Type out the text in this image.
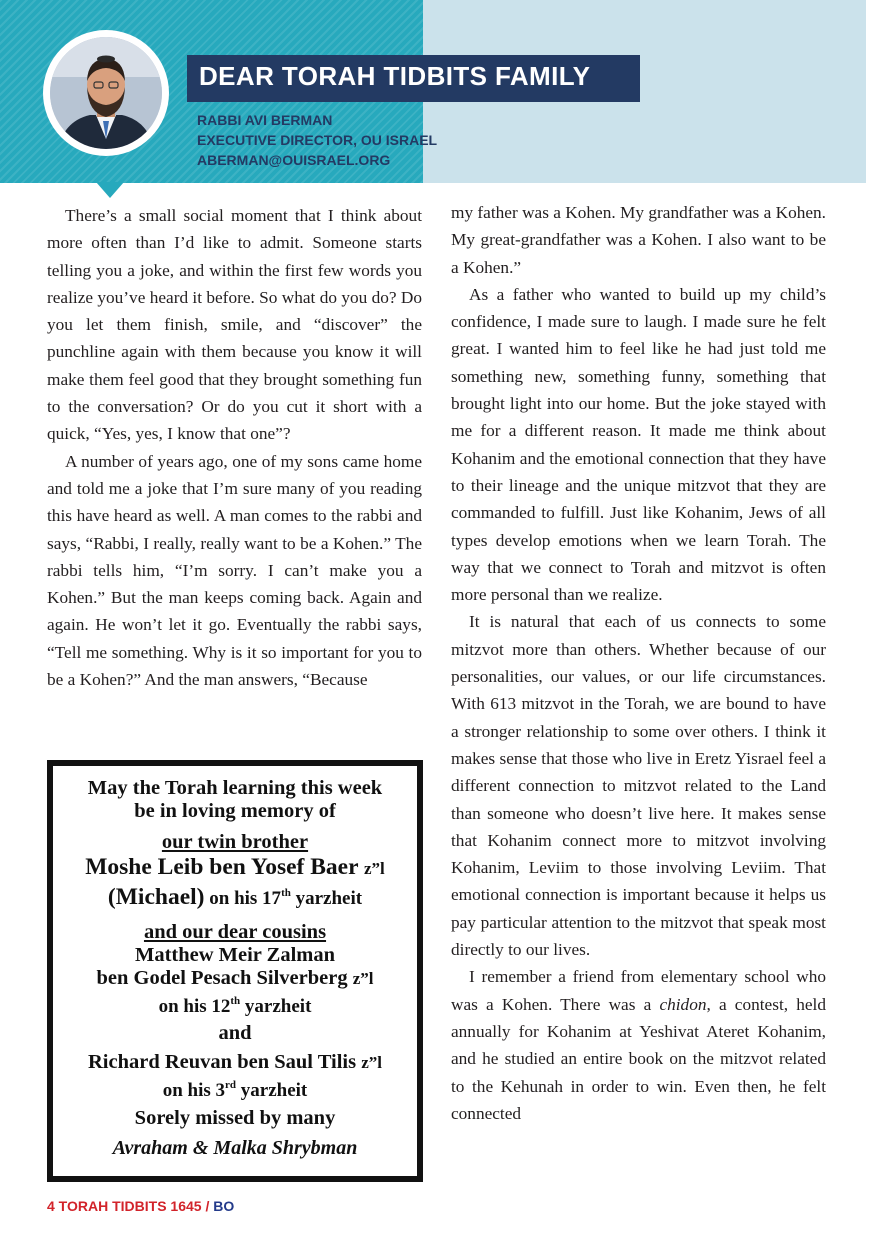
DEAR TORAH TIDBITS FAMILY
RABBI AVI BERMAN
EXECUTIVE DIRECTOR, OU ISRAEL
ABERMAN@OUISRAEL.ORG

There’s a small social moment that I think about more often than I’d like to admit. Someone starts telling you a joke, and within the first few words you realize you’ve heard it before. So what do you do? Do you let them finish, smile, and “discover” the punchline again with them because you know it will make them feel good that they brought something fun to the conversation? Or do you cut it short with a quick, “Yes, yes, I know that one”?

A number of years ago, one of my sons came home and told me a joke that I’m sure many of you reading this have heard as well. A man comes to the rabbi and says, “Rabbi, I really, really want to be a Kohen.” The rabbi tells him, “I’m sorry. I can’t make you a Kohen.” But the man keeps coming back. Again and again. He won’t let it go. Eventually the rabbi says, “Tell me something. Why is it so important for you to be a Kohen?” And the man answers, “Because

May the Torah learning this week
be in loving memory of
our twin brother
Moshe Leib ben Yosef Baer z”l
(Michael) on his 17th yarzheit
and our dear cousins
Matthew Meir Zalman
ben Godel Pesach Silverberg z”l
on his 12th yarzheit
and
Richard Reuvan ben Saul Tilis z”l
on his 3rd yarzheit
Sorely missed by many
Avraham & Malka Shrybman

my father was a Kohen. My grandfather was a Kohen. My great-grandfather was a Kohen. I also want to be a Kohen.”

As a father who wanted to build up my child’s confidence, I made sure to laugh. I made sure he felt great. I wanted him to feel like he had just told me something new, something funny, something that brought light into our home. But the joke stayed with me for a different reason. It made me think about Kohanim and the emotional connection that they have to their lineage and the unique mitzvot that they are commanded to fulfill. Just like Kohanim, Jews of all types develop emotions when we learn Torah. The way that we connect to Torah and mitzvot is often more personal than we realize.

It is natural that each of us connects to some mitzvot more than others. Whether because of our personalities, our values, or our life circumstances. With 613 mitzvot in the Torah, we are bound to have a stronger relationship to some over others. I think it makes sense that those who live in Eretz Yisrael feel a different connection to mitzvot related to the Land than someone who doesn’t live here. It makes sense that Kohanim connect more to mitzvot involving Kohanim, Leviim to those involving Leviim. That emotional connection is important because it helps us pay particular attention to the mitzvot that speak most directly to our lives.

I remember a friend from elementary school who was a Kohen. There was a chidon, a contest, held annually for Kohanim at Yeshivat Ateret Kohanim, and he studied an entire book on the mitzvot related to the Kehunah in order to win. Even then, he felt connected

4 TORAH TIDBITS 1645 / BO
